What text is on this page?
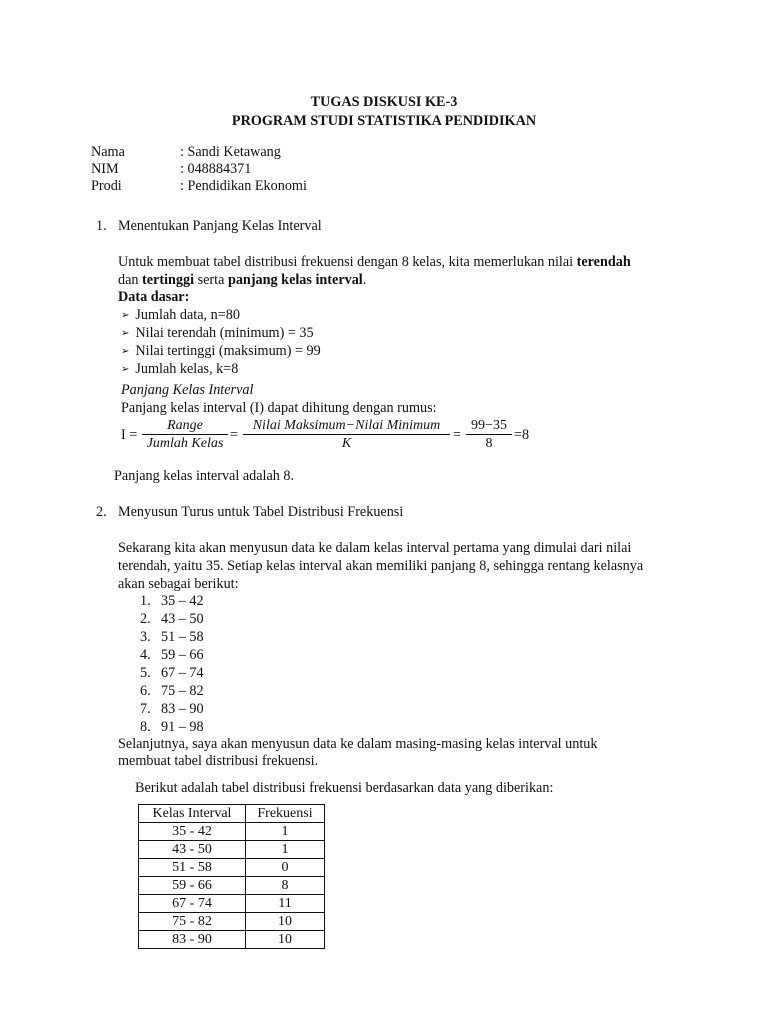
TUGAS DISKUSI KE-3
PROGRAM STUDI STATISTIKA PENDIDIKAN
Nama	: Sandi Ketawang
NIM	: 048884371
Prodi	: Pendidikan Ekonomi
1. Menentukan Panjang Kelas Interval
Untuk membuat tabel distribusi frekuensi dengan 8 kelas, kita memerlukan nilai terendah
dan tertinggi serta panjang kelas interval.
Data dasar:
➢ Jumlah data, n=80
➢ Nilai terendah (minimum) = 35
➢ Nilai tertinggi (maksimum) = 99
➢ Jumlah kelas, k=8
Panjang Kelas Interval
Panjang kelas interval (I) dapat dihitung dengan rumus:
I =
Range
Jumlah Kelas
=
Nilai Maksimum−Nilai Minimum
K
= $\frac{99-35}{8} =8$
Panjang kelas interval adalah 8.
2. Menyusun Turus untuk Tabel Distribusi Frekuensi
Sekarang kita akan menyusun data ke dalam kelas interval pertama yang dimulai dari nilai
terendah, yaitu 35. Setiap kelas interval akan memiliki panjang 8, sehingga rentang kelasnya
akan sebagai berikut:
1. 35 – 42
2. 43 – 50
3. 51 – 58
4. 59 – 66
5. 67 – 74
6. 75 – 82
7. 83 – 90
8. 91 – 98
Selanjutnya, saya akan menyusun data ke dalam masing-masing kelas interval untuk
membuat tabel distribusi frekuensi.
Berikut adalah tabel distribusi frekuensi berdasarkan data yang diberikan:
Kelas Interval	Frekuensi
35 - 42	1
43 - 50	1
51 - 58	0
59 - 66	8
67 - 74	11
75 - 82	10
83 - 90	10
